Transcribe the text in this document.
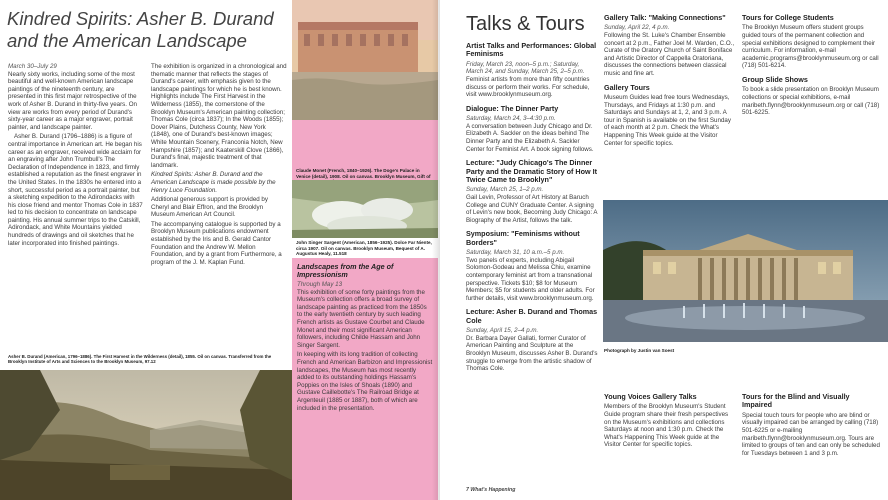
Kindred Spirits: Asher B. Durand and the American Landscape
March 30–July 29

Nearly sixty works, including some of the most beautiful and well-known American landscape paintings of the nineteenth century, are presented in this first major retrospective of the work of Asher B. Durand in thirty-five years. On view are works from every period of Durand's sixty-year career as a major engraver, portrait painter, and landscape painter.

Asher B. Durand (1796–1886) is a figure of central importance in American art. He began his career as an engraver, received wide acclaim for an engraving after John Trumbull's The Declaration of Independence in 1823, and firmly established a reputation as the finest engraver in the United States. In the 1830s he entered into a short, successful period as a portrait painter, but a sketching expedition to the Adirondacks with his close friend and mentor Thomas Cole in 1837 led to his decision to concentrate on landscape painting. His annual summer trips to the Catskill, Adirondack, and White Mountains yielded hundreds of drawings and oil sketches that he later incorporated into finished paintings.

The exhibition is organized in a chronological and thematic manner that reflects the stages of Durand's career, with emphasis given to the landscape paintings for which he is best known. Highlights include The First Harvest in the Wilderness (1855), the cornerstone of the Brooklyn Museum's American painting collection; Thomas Cole (circa 1837); In the Woods (1855); Dover Plains, Dutchess County, New York (1848), one of Durand's best-known images; White Mountain Scenery, Franconia Notch, New Hampshire (1857); and Kaaterskill Clove (1866), Durand's final, majestic treatment of that landmark.

Kindred Spirits: Asher B. Durand and the American Landscape is made possible by the Henry Luce Foundation.

Additional generous support is provided by Cheryl and Blair Effron, and the Brooklyn Museum American Art Council.

The accompanying catalogue is supported by a Brooklyn Museum publications endowment established by the Iris and B. Gerald Cantor Foundation and the Andrew W. Mellon Foundation, and by a grant from Furthermore, a program of the J. M. Kaplan Fund.

Asher B. Durand (American, 1796–1886). The First Harvest in the Wilderness (detail), 1855. Oil on canvas. Transferred from the Brooklyn Institute of Arts and Sciences to the Brooklyn Museum, 97.12
Claude Monet (French, 1840–1926). The Doge's Palace in Venice (detail), 1908. Oil on canvas. Brooklyn Museum, Gift of
John Singer Sargent (American, 1856–1925). Dolce Far Niente, circa 1907. Oil on canvas. Brooklyn Museum, Bequest of A. Augustus Healy, 11.518
Landscapes from the Age of Impressionism
Through May 13

This exhibition of some forty paintings from the Museum's collection offers a broad survey of landscape painting as practiced from the 1850s to the early twentieth century by such leading French artists as Gustave Courbet and Claude Monet and their most significant American followers, including Childe Hassam and John Singer Sargent.

In keeping with its long tradition of collecting French and American Barbizon and Impressionist landscapes, the Museum has most recently added to its outstanding holdings Hassam's Poppies on the Isles of Shoals (1890) and Gustave Caillebotte's The Railroad Bridge at Argenteuil (1885 or 1887), both of which are included in the presentation.

Talks & Tours

Artist Talks and Performances: Global Feminisms

Friday, March 23, noon–5 p.m.; Saturday, March 24, and Sunday, March 25, 2–5 p.m.

Feminist artists from more than fifty countries discuss or perform their works. For schedule, visit www.brooklynmuseum.org.

Dialogue: The Dinner Party

Saturday, March 24, 3–4:30 p.m.

A conversation between Judy Chicago and Dr. Elizabeth A. Sackler on the ideas behind The Dinner Party and the Elizabeth A. Sackler Center for Feminist Art. A book signing follows.

Lecture: "Judy Chicago's The Dinner Party and the Dramatic Story of How It Twice Came to Brooklyn"

Sunday, March 25, 1–2 p.m.

Gail Levin, Professor of Art History at Baruch College and CUNY Graduate Center. A signing of Levin's new book, Becoming Judy Chicago: A Biography of the Artist, follows the talk.

Symposium: "Feminisms without Borders"

Saturday, March 31, 10 a.m.–5 p.m.

Two panels of experts, including Abigail Solomon-Godeau and Melissa Chiu, examine contemporary feminist art from a transnational perspective. Tickets $10; $8 for Museum Members; $5 for students and older adults. For further details, visit www.brooklynmuseum.org.

Lecture: Asher B. Durand and Thomas Cole

Sunday, April 15, 2–4 p.m.

Dr. Barbara Dayer Gallati, former Curator of American Painting and Sculpture at the Brooklyn Museum, discusses Asher B. Durand's struggle to emerge from the artistic shadow of Thomas Cole.

Gallery Talk: "Making Connections"

Sunday, April 22, 4 p.m.

Following the St. Luke's Chamber Ensemble concert at 2 p.m., Father Joel M. Warden, C.O., Curate of the Oratory Church of Saint Boniface and Artistic Director of Cappella Oratoriana, discusses the connections between classical music and fine art.

Gallery Tours

Museum Guides lead free tours Wednesdays, Thursdays, and Fridays at 1:30 p.m. and Saturdays and Sundays at 1, 2, and 3 p.m. A tour in Spanish is available on the first Sunday of each month at 2 p.m. Check the What's Happening This Week guide at the Visitor Center for specific topics.

Tours for College Students

The Brooklyn Museum offers student groups guided tours of the permanent collection and special exhibitions designed to complement their curriculum. For information, e-mail academic.programs@brooklynmuseum.org or call (718) 501-6214.

Group Slide Shows

To book a slide presentation on Brooklyn Museum collections or special exhibitions, e-mail maribeth.flynn@brooklynmuseum.org or call (718) 501-6225.

Photograph by Justin van Soest

Young Voices Gallery Talks

Members of the Brooklyn Museum's Student Guide program share their fresh perspectives on the Museum's exhibitions and collections Saturdays at noon and 1:30 p.m. Check the What's Happening This Week guide at the Visitor Center for specific topics.

Tours for the Blind and Visually Impaired

Special touch tours for people who are blind or visually impaired can be arranged by calling (718) 501-6225 or e-mailing maribeth.flynn@brooklynmuseum.org. Tours are limited to groups of ten and can only be scheduled for Tuesdays between 1 and 3 p.m.

7 What's Happening
